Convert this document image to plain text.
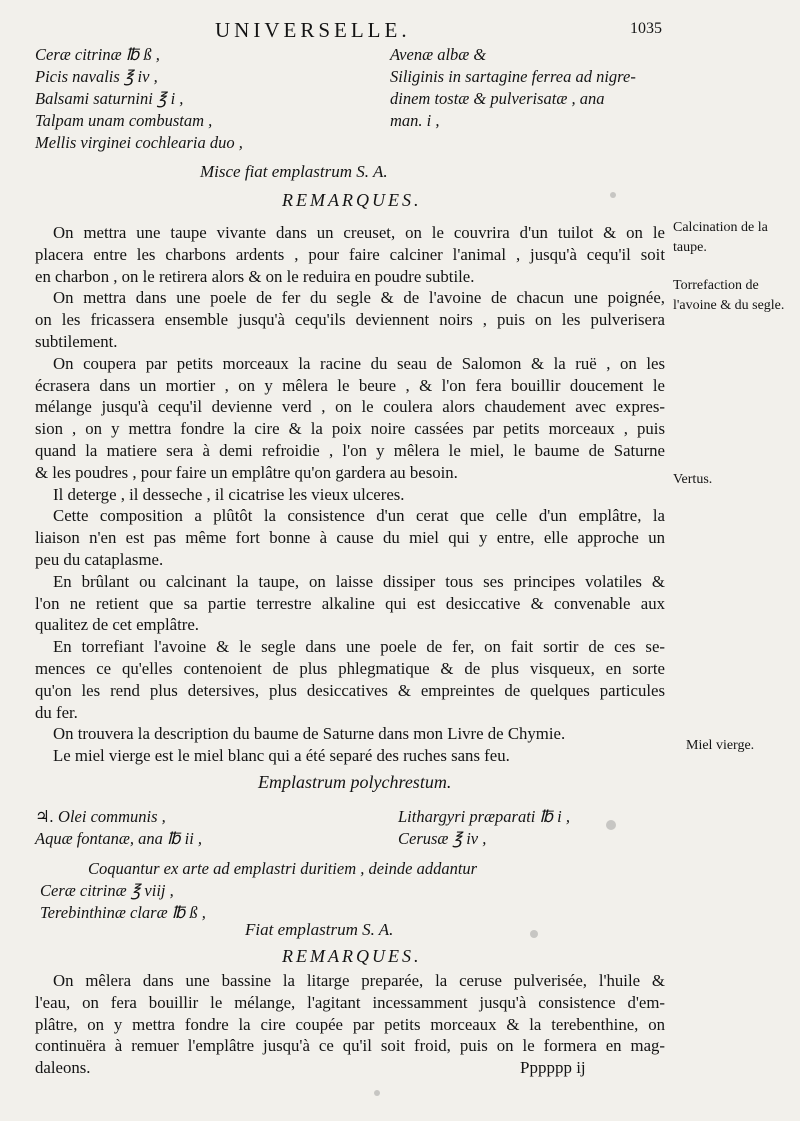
UNIVERSELLE.	1035
Ceræ citrinæ ℔ ß ,
Picis navalis ℥ iv ,
Balsami saturnini ℥ i ,
Talpam unam combustam ,
Mellis virginei cochlearia duo ,
Avenæ albæ &
Siliginis in sartagine ferrea ad nigre-
dinem tostæ & pulverisatæ , ana
man. i ,
Misce fiat emplastrum S. A.
REMARQUES.
On mettra une taupe vivante dans un creuset, on le couvrira d'un tuilot & on le
placera entre les charbons ardents , pour faire calciner l'animal , jusqu'à cequ'il soit
en charbon , on le retirera alors & on le reduira en poudre subtile.
On mettra dans une poele de fer du segle & de l'avoine de chacun une poignée,
on les fricassera ensemble jusqu'à cequ'ils deviennent noirs , puis on les pulverisera
subtilement.
On coupera par petits morceaux la racine du seau de Salomon & la ruë , on les
écrasera dans un mortier , on y mêlera le beure , & l'on fera bouillir doucement le
mélange jusqu'à cequ'il devienne verd , on le coulera alors chaudement avec expres-
sion , on y mettra fondre la cire & la poix noire cassées par petits morceaux , puis
quand la matiere sera à demi refroidie , l'on y mêlera le miel, le baume de Saturne
& les poudres , pour faire un emplâtre qu'on gardera au besoin.
Il deterge , il desseche , il cicatrise les vieux ulceres.
Cette composition a plûtôt la consistence d'un cerat que celle d'un emplâtre, la
liaison n'en est pas même fort bonne à cause du miel qui y entre, elle approche un
peu du cataplasme.
En brûlant ou calcinant la taupe, on laisse dissiper tous ses principes volatiles &
l'on ne retient que sa partie terrestre alkaline qui est desiccative & convenable aux
qualitez de cet emplâtre.
En torrefiant l'avoine & le segle dans une poele de fer, on fait sortir de ces se-
mences ce qu'elles contenoient de plus phlegmatique & de plus visqueux, en sorte
qu'on les rend plus detersives, plus desiccatives & empreintes de quelques particules
du fer.
On trouvera la description du baume de Saturne dans mon Livre de Chymie.
Le miel vierge est le miel blanc qui a été separé des ruches sans feu.
Calcination de la taupe.
Torrefaction de l'avoine & du segle.
Vertus.
Miel vierge.
Emplastrum polychrestum.
♃. Olei communis ,
Aquæ fontanæ, ana ℔ ii ,
Lithargyri præparati ℔ i ,
Cerusæ ℥ iv ,
Coquantur ex arte ad emplastri duritiem , deinde addantur
Ceræ citrinæ ℥ viij ,
Terebinthinæ claræ ℔ ß ,
Fiat emplastrum S. A.
REMARQUES.
On mêlera dans une bassine la litarge preparée, la ceruse pulverisée, l'huile &
l'eau, on fera bouillir le mélange, l'agitant incessamment jusqu'à consistence d'em-
plâtre, on y mettra fondre la cire coupée par petits morceaux & la terebenthine, on
continuëra à remuer l'emplâtre jusqu'à ce qu'il soit froid, puis on le formera en mag-
daleons.	Pppppp ij
